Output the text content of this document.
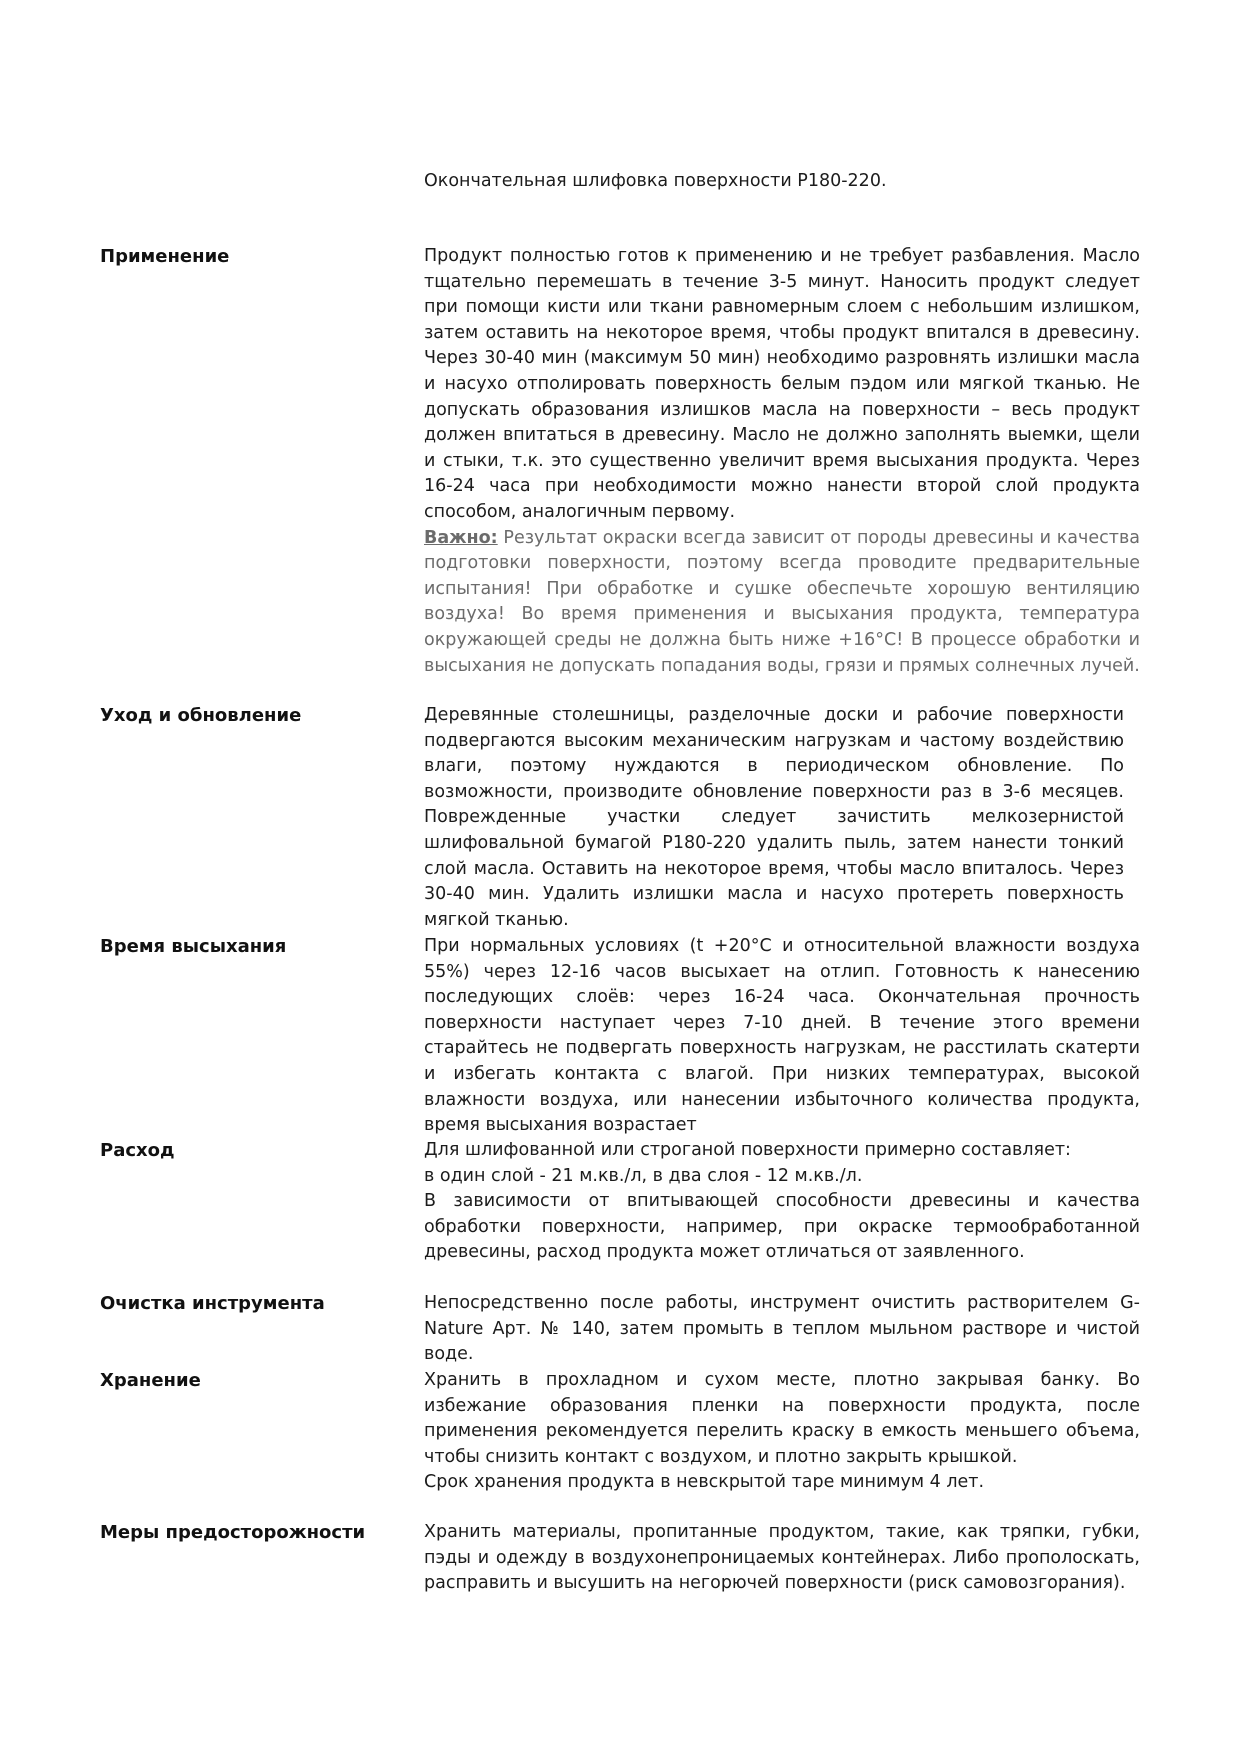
Окончательная шлифовка поверхности P180-220.
Применение	Продукт полностью готов к применению и не требует разбавления. Масло тщательно перемешать в течение 3-5 минут. Наносить продукт следует при помощи кисти или ткани равномерным слоем с небольшим излишком, затем оставить на некоторое время, чтобы продукт впитался в древесину. Через 30-40 мин (максимум 50 мин) необходимо разровнять излишки масла и насухо отполировать поверхность белым пэдом или мягкой тканью. Не допускать образования излишков масла на поверхности – весь продукт должен впитаться в древесину. Масло не должно заполнять выемки, щели и стыки, т.к. это существенно увеличит время высыхания продукта. Через 16-24 часа при необходимости можно нанести второй слой продукта способом, аналогичным первому.

Важно: Результат окраски всегда зависит от породы древесины и качества подготовки поверхности, поэтому всегда проводите предварительные испытания! При обработке и сушке обеспечьте хорошую вентиляцию воздуха! Во время применения и высыхания продукта, температура окружающей среды не должна быть ниже +16°С! В процессе обработки и высыхания не допускать попадания воды, грязи и прямых солнечных лучей.

Уход и обновление	Деревянные столешницы, разделочные доски и рабочие поверхности подвергаются высоким механическим нагрузкам и частому воздействию влаги, поэтому нуждаются в периодическом обновление. По возможности, производите обновление поверхности раз в 3-6 месяцев. Поврежденные участки следует зачистить мелкозернистой шлифовальной бумагой P180-220 удалить пыль, затем нанести тонкий слой масла. Оставить на некоторое время, чтобы масло впиталось. Через 30-40 мин. Удалить излишки масла и насухо протереть поверхность мягкой тканью.

Время высыхания	При нормальных условиях (t +20°C и относительной влажности воздуха 55%) через 12-16 часов высыхает на отлип. Готовность к нанесению последующих слоёв: через 16-24 часа. Окончательная прочность поверхности наступает через 7-10 дней. В течение этого времени старайтесь не подвергать поверхность нагрузкам, не расстилать скатерти и избегать контакта с влагой. При низких температурах, высокой влажности воздуха, или нанесении избыточного количества продукта, время высыхания возрастает

Расход	Для шлифованной или строганой поверхности примерно составляет:

в один слой - 21 м.кв./л, в два слоя - 12 м.кв./л.

В зависимости от впитывающей способности древесины и качества обработки поверхности, например, при окраске термообработанной древесины, расход продукта может отличаться от заявленного.

Очистка инструмента	Непосредственно после работы, инструмент очистить растворителем G-Nature Арт. № 140, затем промыть в теплом мыльном растворе и чистой воде.

Хранение	Хранить в прохладном и сухом месте, плотно закрывая банку. Во избежание образования пленки на поверхности продукта, после применения рекомендуется перелить краску в емкость меньшего объема, чтобы снизить контакт с воздухом, и плотно закрыть крышкой.

Срок хранения продукта в невскрытой таре минимум 4 лет.

Меры предосторожности	Хранить материалы, пропитанные продуктом, такие, как тряпки, губки, пэды и одежду в воздухонепроницаемых контейнерах. Либо прополоскать, расправить и высушить на негорючей поверхности (риск самовозгорания).
